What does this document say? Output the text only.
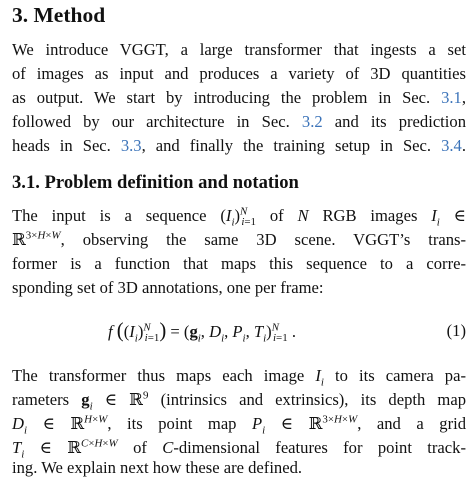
3. Method
We introduce VGGT, a large transformer that ingests a set
of images as input and produces a variety of 3D quantities
as output. We start by introducing the problem in Sec. 3.1,
followed by our architecture in Sec. 3.2 and its prediction
heads in Sec. 3.3, and finally the training setup in Sec. 3.4.
3.1. Problem definition and notation
The input is a sequence $(I_i)^N_{i=1}$ of N RGB images $I_i$ ∈
ℝ$^{3\times H\times W}$, observing the same 3D scene. VGGT’s trans-
former is a function that maps this sequence to a corre-
sponding set of 3D annotations, one per frame:
f $((I_i)^N_{i=1}) = (g_i$, $D_i$, $P_i$, $T_i)^N_{i=1}$ .	(1)
The transformer thus maps each image $I_i$ to its camera pa-
rameters $g_i$ ∈ ℝ$^9$ (intrinsics and extrinsics), its depth map
$D_i$ ∈ ℝ$^{H\times W}$, its point map $P_i$ ∈ ℝ$^{3\times H\times W}$, and a grid
$T_i$ ∈ ℝ$^{C\times H\times W}$ of C-dimensional features for point track-
ing. We explain next how these are defined.
